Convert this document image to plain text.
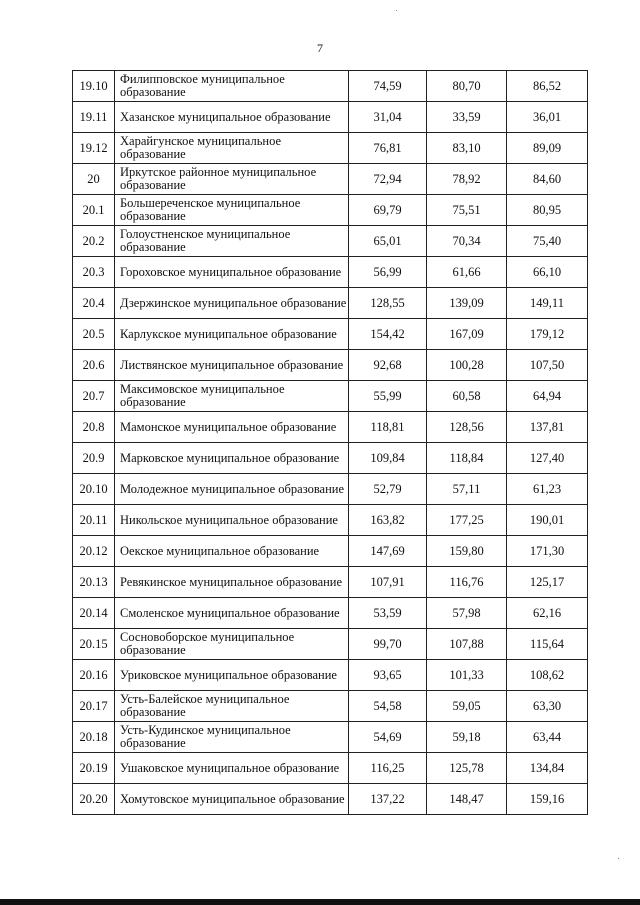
7
19.10	Филипповское муниципальное образование	74,59	80,70	86,52
19.11	Хазанское муниципальное образование	31,04	33,59	36,01
19.12	Харайгунское муниципальное образование	76,81	83,10	89,09
20	Иркутское районное муниципальное образование	72,94	78,92	84,60
20.1	Большереченское муниципальное образование	69,79	75,51	80,95
20.2	Голоустненское муниципальное образование	65,01	70,34	75,40
20.3	Гороховское муниципальное образование	56,99	61,66	66,10
20.4	Дзержинское муниципальное образование	128,55	139,09	149,11
20.5	Карлукское муниципальное образование	154,42	167,09	179,12
20.6	Листвянское муниципальное образование	92,68	100,28	107,50
20.7	Максимовское муниципальное образование	55,99	60,58	64,94
20.8	Мамонское муниципальное образование	118,81	128,56	137,81
20.9	Марковское муниципальное образование	109,84	118,84	127,40
20.10	Молодежное муниципальное образование	52,79	57,11	61,23
20.11	Никольское муниципальное образование	163,82	177,25	190,01
20.12	Оекское муниципальное образование	147,69	159,80	171,30
20.13	Ревякинское муниципальное образование	107,91	116,76	125,17
20.14	Смоленское муниципальное образование	53,59	57,98	62,16
20.15	Сосновоборское муниципальное образование	99,70	107,88	115,64
20.16	Уриковское муниципальное образование	93,65	101,33	108,62
20.17	Усть-Балейское муниципальное образование	54,58	59,05	63,30
20.18	Усть-Кудинское муниципальное образование	54,69	59,18	63,44
20.19	Ушаковское муниципальное образование	116,25	125,78	134,84
20.20	Хомутовское муниципальное образование	137,22	148,47	159,16
